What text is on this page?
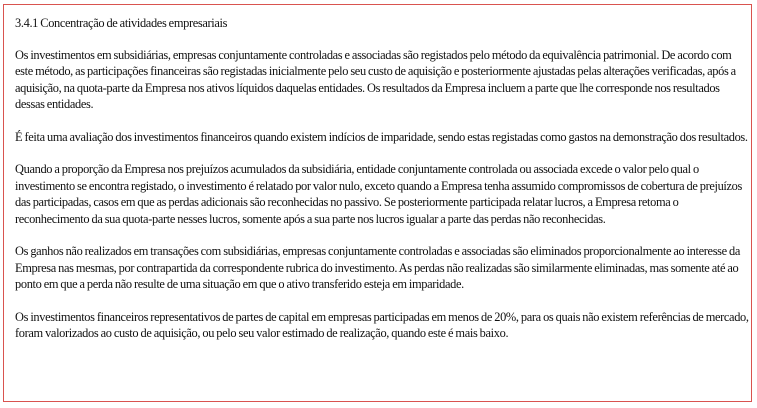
3.4.1 Concentração de atividades empresariais

Os investimentos em subsidiárias, empresas conjuntamente controladas e associadas são registados pelo método da equivalência patrimonial. De acordo com este método, as participações financeiras são registadas inicialmente pelo seu custo de aquisição e posteriormente ajustadas pelas alterações verificadas, após a aquisição, na quota-parte da Empresa nos ativos líquidos daquelas entidades. Os resultados da Empresa incluem a parte que lhe corresponde nos resultados dessas entidades.

É feita uma avaliação dos investimentos financeiros quando existem indícios de imparidade, sendo estas registadas como gastos na demonstração dos resultados.

Quando a proporção da Empresa nos prejuízos acumulados da subsidiária, entidade conjuntamente controlada ou associada excede o valor pelo qual o investimento se encontra registado, o investimento é relatado por valor nulo, exceto quando a Empresa tenha assumido compromissos de cobertura de prejuízos das participadas, casos em que as perdas adicionais são reconhecidas no passivo. Se posteriormente participada relatar lucros, a Empresa retoma o reconhecimento da sua quota-parte nesses lucros, somente após a sua parte nos lucros igualar a parte das perdas não reconhecidas.

Os ganhos não realizados em transações com subsidiárias, empresas conjuntamente controladas e associadas são eliminados proporcionalmente ao interesse da Empresa nas mesmas, por contrapartida da correspondente rubrica do investimento. As perdas não realizadas são similarmente eliminadas, mas somente até ao ponto em que a perda não resulte de uma situação em que o ativo transferido esteja em imparidade.

Os investimentos financeiros representativos de partes de capital em empresas participadas em menos de 20%, para os quais não existem referências de mercado, foram valorizados ao custo de aquisição, ou pelo seu valor estimado de realização, quando este é mais baixo.
